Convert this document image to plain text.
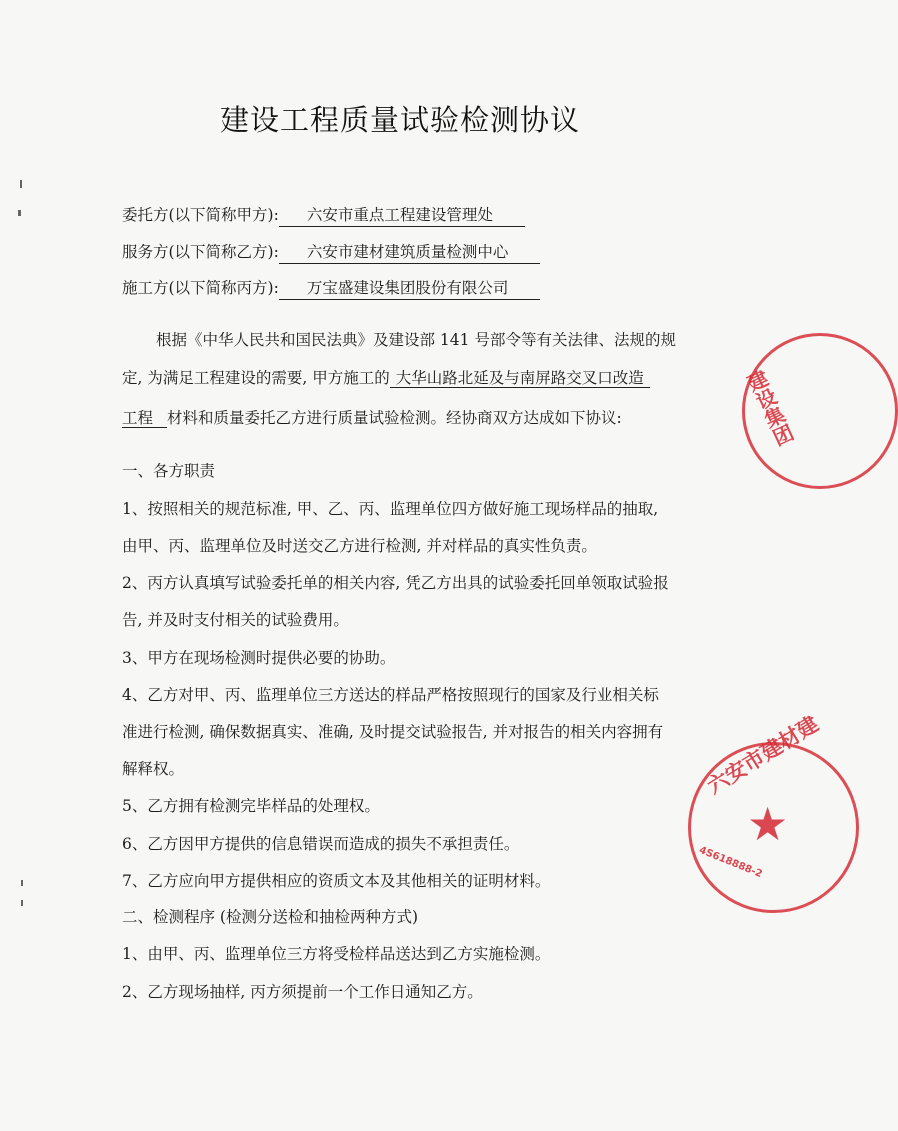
建设工程质量试验检测协议
委托方(以下简称甲方): 六安市重点工程建设管理处
服务方(以下简称乙方): 六安市建材建筑质量检测中心
施工方(以下简称丙方): 万宝盛建设集团股份有限公司
根据《中华人民共和国民法典》及建设部 141 号部令等有关法律、法规的规
定, 为满足工程建设的需要, 甲方施工的 大华山路北延及与南屏路交叉口改造
工程 材料和质量委托乙方进行质量试验检测。经协商双方达成如下协议:
一、各方职责
1、按照相关的规范标准, 甲、乙、丙、监理单位四方做好施工现场样品的抽取,
由甲、丙、监理单位及时送交乙方进行检测, 并对样品的真实性负责。
2、丙方认真填写试验委托单的相关内容, 凭乙方出具的试验委托回单领取试验报
告, 并及时支付相关的试验费用。
3、甲方在现场检测时提供必要的协助。
4、乙方对甲、丙、监理单位三方送达的样品严格按照现行的国家及行业相关标
准进行检测, 确保数据真实、准确, 及时提交试验报告, 并对报告的相关内容拥有
解释权。
5、乙方拥有检测完毕样品的处理权。
6、乙方因甲方提供的信息错误而造成的损失不承担责任。
7、乙方应向甲方提供相应的资质文本及其他相关的证明材料。
二、检测程序 (检测分送检和抽检两种方式)
1、由甲、丙、监理单位三方将受检样品送达到乙方实施检测。
2、乙方现场抽样, 丙方须提前一个工作日通知乙方。
建设集团
六安市建材建
★
4S618888-2
